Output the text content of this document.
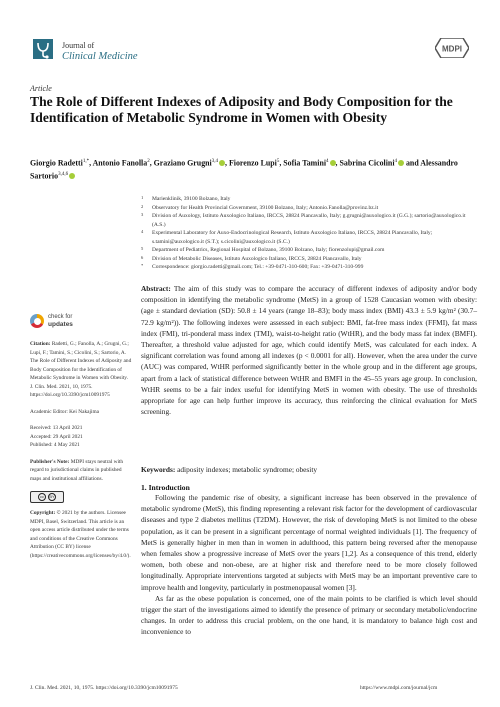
Journal of
Clinical Medicine
MDPI
Article
The Role of Different Indexes of Adiposity and Body Composition for the Identification of Metabolic Syndrome in Women with Obesity
Giorgio Radetti$^{1,*}$, Antonio Fanolla$^2$, Graziano Grugni$^{3,4}$ , Fiorenzo Lupi$^5$, Sofia Tamini$^4$ , Sabrina Cicolini$^4$ and Alessandro Sartorio$^{3,4,6}$
1 Marienklinik, 39100 Bolzano, Italy
2 Observatory for Health Provincial Government, 39100 Bolzano, Italy; Antonio.Fanolla@provinz.bz.it
3 Division of Auxology, Istituto Auxologico Italiano, IRCCS, 28824 Piancavallo, Italy; g.grugni@auxologico.it (G.G.); sartorio@auxologico.it (A.S.)
4 Experimental Laboratory for Auxo-Endocrinological Research, Istituto Auxologico Italiano, IRCCS, 28824 Piancavallo, Italy; s.tamini@auxologico.it (S.T.); s.cicolini@auxologico.it (S.C.)
5 Department of Pediatrics, Regional Hospital of Bolzano, 39100 Bolzano, Italy; fiorenzolupi@gmail.com
6 Division of Metabolic Diseases, Istituto Auxologico Italiano, IRCCS, 28824 Piancavallo, Italy
* Correspondence: giorgio.radetti@gmail.com; Tel.: +39-0471-310-600; Fax: +39-0471-310-999
check for
updates
Citation: Radetti, G.; Fanolla, A.; Grugni, G.; Lupi, F.; Tamini, S.; Cicolini, S.; Sartorio, A. The Role of Different Indexes of Adiposity and Body Composition for the Identification of Metabolic Syndrome in Women with Obesity. J. Clin. Med. 2021, 10, 1975. https://doi.org/10.3390/jcm10091975
Academic Editor: Kei Nakajima
Received: 13 April 2021
Accepted: 29 April 2021
Published: 4 May 2021
Publisher's Note: MDPI stays neutral with regard to jurisdictional claims in published maps and institutional affiliations.
cc	BY
Copyright: © 2021 by the authors. Licensee MDPI, Basel, Switzerland. This article is an open access article distributed under the terms and conditions of the Creative Commons Attribution (CC BY) license (https://creativecommons.org/licenses/by/4.0/).
Abstract: The aim of this study was to compare the accuracy of different indexes of adiposity and/or body composition in identifying the metabolic syndrome (MetS) in a group of 1528 Caucasian women with obesity: (age ± standard deviation (SD): 50.8 ± 14 years (range 18–83); body mass index (BMI) 43.3 ± 5.9 kg/m² (30.7–72.9 kg/m²)). The following indexes were assessed in each subject: BMI, fat-free mass index (FFMI), fat mass index (FMI), tri-ponderal mass index (TMI), waist-to-height ratio (WtHR), and the body mass fat index (BMFI). Thereafter, a threshold value adjusted for age, which could identify MetS, was calculated for each index. A significant correlation was found among all indexes (p < 0.0001 for all). However, when the area under the curve (AUC) was compared, WtHR performed significantly better in the whole group and in the different age groups, apart from a lack of statistical difference between WtHR and BMFI in the 45–55 years age group. In conclusion, WtHR seems to be a fair index useful for identifying MetS in women with obesity. The use of thresholds appropriate for age can help further improve its accuracy, thus reinforcing the clinical evaluation for MetS screening.
Keywords: adiposity indexes; metabolic syndrome; obesity
1. Introduction

Following the pandemic rise of obesity, a significant increase has been observed in the prevalence of metabolic syndrome (MetS), this finding representing a relevant risk factor for the development of cardiovascular diseases and type 2 diabetes mellitus (T2DM). However, the risk of developing MetS is not limited to the obese population, as it can be present in a significant percentage of normal weighted individuals [1]. The frequency of MetS is generally higher in men than in women in adulthood, this pattern being reversed after the menopause when females show a progressive increase of MetS over the years [1,2]. As a consequence of this trend, elderly women, both obese and non-obese, are at higher risk and therefore need to be more closely followed longitudinally. Appropriate interventions targeted at subjects with MetS may be an important preventive care to improve health and longevity, particularly in postmenopausal women [3].

As far as the obese population is concerned, one of the main points to be clarified is which level should trigger the start of the investigations aimed to identify the presence of primary or secondary metabolic/endocrine changes. In order to address this crucial problem, on the one hand, it is mandatory to balance high cost and inconvenience to

J. Clin. Med. 2021, 10, 1975. https://doi.org/10.3390/jcm10091975	https://www.mdpi.com/journal/jcm
